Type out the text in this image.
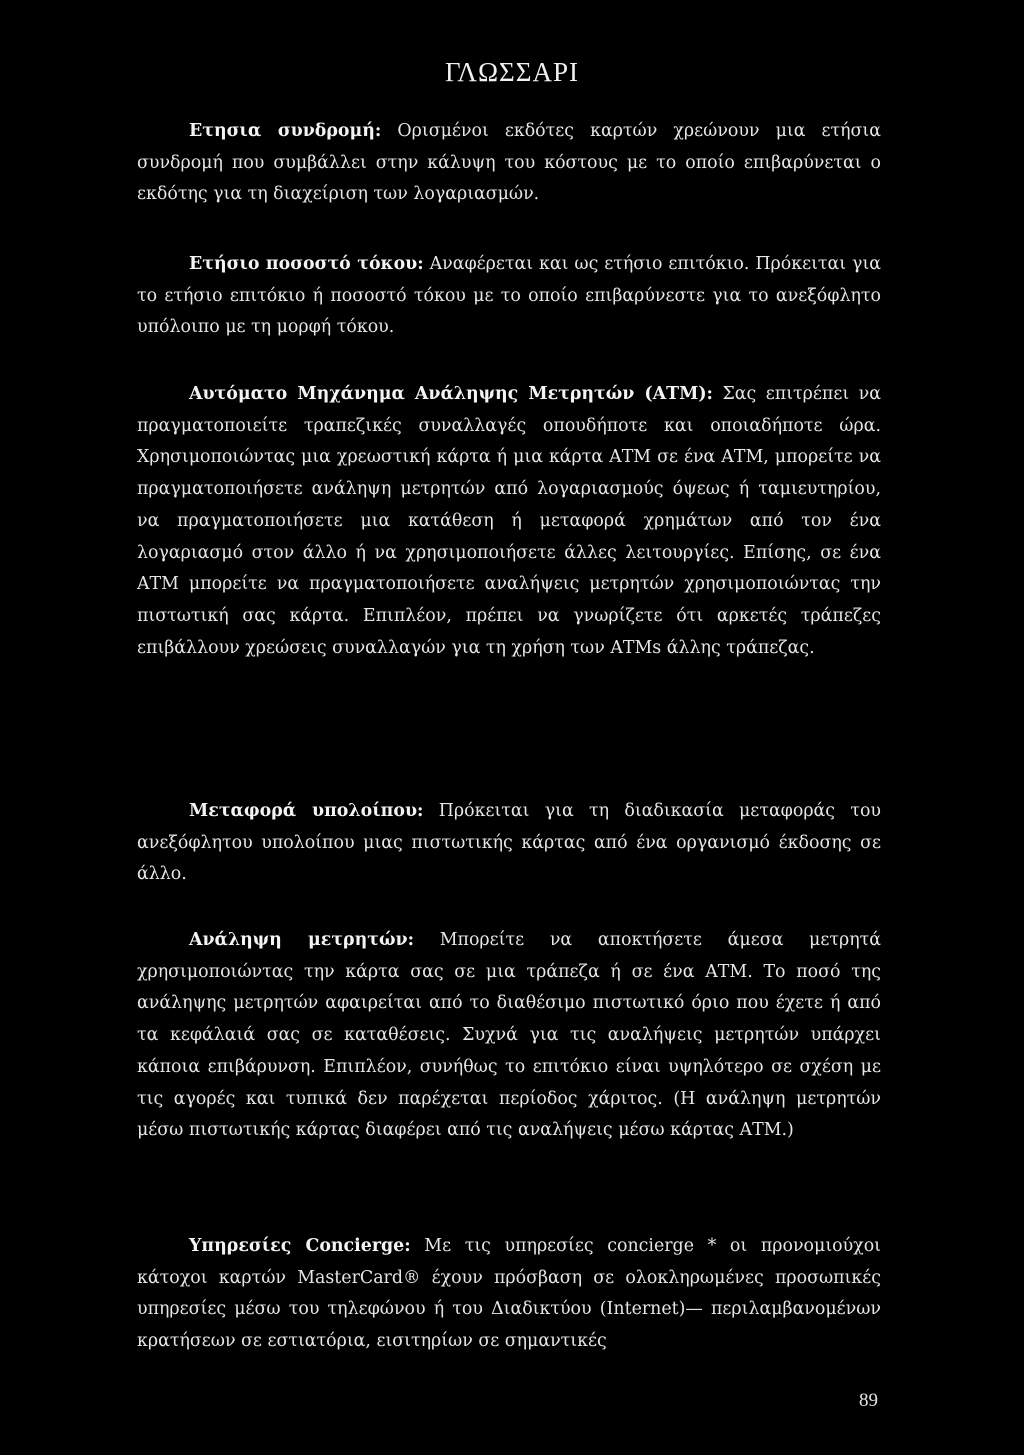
ΓΛΩΣΣΑΡΙ

Ετησια συνδρομή: Ορισμένοι εκδότες καρτών χρεώνουν μια ετήσια συνδρομή που συμβάλλει στην κάλυψη του κόστους με το οποίο επιβαρύνεται ο εκδότης για τη διαχείριση των λογαριασμών.

Ετήσιο ποσοστό τόκου: Αναφέρεται και ως ετήσιο επιτόκιο. Πρόκειται για το ετήσιο επιτόκιο ή ποσοστό τόκου με το οποίο επιβαρύνεστε για το ανεξόφλητο υπόλοιπο με τη μορφή τόκου.

Αυτόματο Μηχάνημα Ανάληψης Μετρητών (ΑΤΜ): Σας επιτρέπει να πραγματοποιείτε τραπεζικές συναλλαγές οπουδήποτε και οποιαδήποτε ώρα. Χρησιμοποιώντας μια χρεωστική κάρτα ή μια κάρτα ΑΤΜ σε ένα ΑΤΜ, μπορείτε να πραγματοποιήσετε ανάληψη μετρητών από λογαριασμούς όψεως ή ταμιευτηρίου, να πραγματοποιήσετε μια κατάθεση ή μεταφορά χρημάτων από τον ένα λογαριασμό στον άλλο ή να χρησιμοποιήσετε άλλες λειτουργίες. Επίσης, σε ένα ΑΤΜ μπορείτε να πραγματοποιήσετε αναλήψεις μετρητών χρησιμοποιώντας την πιστωτική σας κάρτα. Επιπλέον, πρέπει να γνωρίζετε ότι αρκετές τράπεζες επιβάλλουν χρεώσεις συναλλαγών για τη χρήση των ΑΤΜs άλλης τράπεζας.

Μεταφορά υπολοίπου: Πρόκειται για τη διαδικασία μεταφοράς του ανεξόφλητου υπολοίπου μιας πιστωτικής κάρτας από ένα οργανισμό έκδοσης σε άλλο.

Ανάληψη μετρητών: Μπορείτε να αποκτήσετε άμεσα μετρητά χρησιμοποιώντας την κάρτα σας σε μια τράπεζα ή σε ένα ΑΤΜ. Το ποσό της ανάληψης μετρητών αφαιρείται από το διαθέσιμο πιστωτικό όριο που έχετε ή από τα κεφάλαιά σας σε καταθέσεις. Συχνά για τις αναλήψεις μετρητών υπάρχει κάποια επιβάρυνση. Επιπλέον, συνήθως το επιτόκιο είναι υψηλότερο σε σχέση με τις αγορές και τυπικά δεν παρέχεται περίοδος χάριτος. (Η ανάληψη μετρητών μέσω πιστωτικής κάρτας διαφέρει από τις αναλήψεις μέσω κάρτας ΑΤΜ.)

Υπηρεσίες Concierge: Με τις υπηρεσίες concierge * οι προνομιούχοι κάτοχοι καρτών MasterCard® έχουν πρόσβαση σε ολοκληρωμένες προσωπικές υπηρεσίες μέσω του τηλεφώνου ή του Διαδικτύου (Internet)— περιλαμβανομένων κρατήσεων σε εστιατόρια, εισιτηρίων σε σημαντικές

89
